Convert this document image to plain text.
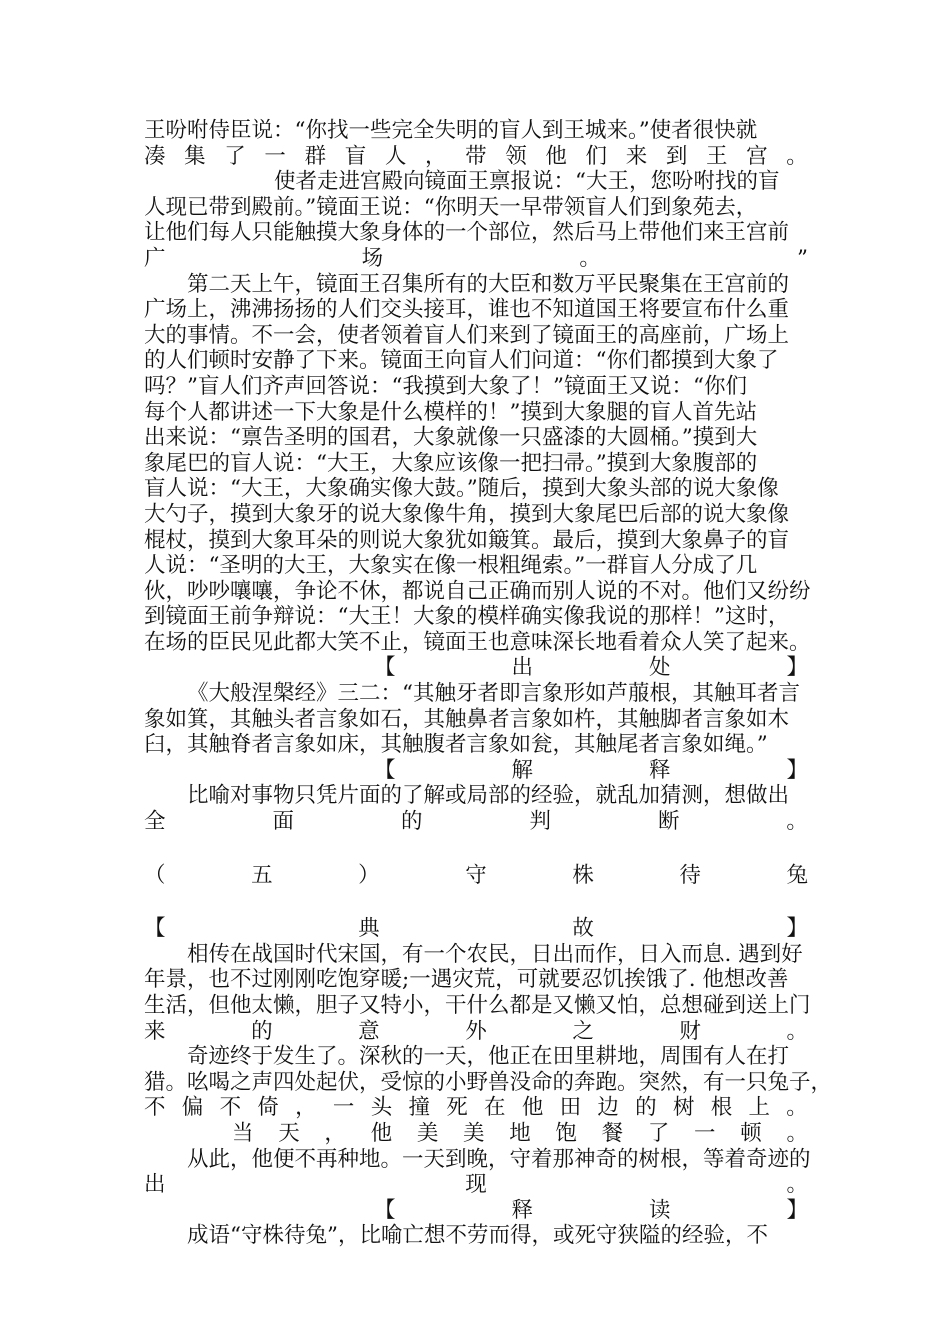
王吩咐侍臣说：“你找一些完全失明的盲人到王城来。”使者很快就
凑 集 了 一 群 盲 人 ， 带 领 他 们 来 到 王 宫 。
使者走进宫殿向镜面王禀报说：“大王，您吩咐找的盲
人现已带到殿前。”镜面王说：“你明天一早带领盲人们到象苑去，
让他们每人只能触摸大象身体的一个部位，然后马上带他们来王宫前
广	场	。	”
第二天上午，镜面王召集所有的大臣和数万平民聚集在王宫前的
广场上，沸沸扬扬的人们交头接耳，谁也不知道国王将要宣布什么重
大的事情。不一会，使者领着盲人们来到了镜面王的高座前，广场上
的人们顿时安静了下来。镜面王向盲人们问道：“你们都摸到大象了
吗？”盲人们齐声回答说：“我摸到大象了！”镜面王又说：“你们
每个人都讲述一下大象是什么模样的！”摸到大象腿的盲人首先站
出来说：“禀告圣明的国君，大象就像一只盛漆的大圆桶。”摸到大
象尾巴的盲人说：“大王，大象应该像一把扫帚。”摸到大象腹部的
盲人说：“大王，大象确实像大鼓。”随后，摸到大象头部的说大象像
大勺子，摸到大象牙的说大象像牛角，摸到大象尾巴后部的说大象像
棍杖，摸到大象耳朵的则说大象犹如簸箕。最后，摸到大象鼻子的盲
人说：“圣明的大王，大象实在像一根粗绳索。”一群盲人分成了几
伙，吵吵嚷嚷，争论不休，都说自己正确而别人说的不对。他们又纷纷
到镜面王前争辩说：“大王！大象的模样确实像我说的那样！”这时，
在场的臣民见此都大笑不止，镜面王也意味深长地看着众人笑了起来。
【	出	处	】
《大般涅槃经》三二：“其触牙者即言象形如芦菔根，其触耳者言
象如箕，其触头者言象如石，其触鼻者言象如杵，其触脚者言象如木
臼，其触脊者言象如床，其触腹者言象如瓮，其触尾者言象如绳。”
【	解	释	】
比喻对事物只凭片面的了解或局部的经验，就乱加猜测，想做出
全	面	的	判	断	。
（	五	）	守	株	待	兔
【	典	故	】
相传在战国时代宋国，有一个农民，日出而作，日入而息. 遇到好
年景，也不过刚刚吃饱穿暖;一遇灾荒，可就要忍饥挨饿了. 他想改善
生活，但他太懒，胆子又特小，干什么都是又懒又怕，总想碰到送上门
来	的	意	外	之	财	。
奇迹终于发生了。深秋的一天，他正在田里耕地，周围有人在打
猎。吆喝之声四处起伏，受惊的小野兽没命的奔跑。突然，有一只兔子，
不 偏 不 倚 ， 一 头 撞 死 在 他 田 边 的 树 根 上 。
当 天 ， 他 美 美 地 饱 餐 了 一 顿 。
从此，他便不再种地。一天到晚，守着那神奇的树根，等着奇迹的
出	现	。
【	释	读	】
成语“守株待兔”，比喻亡想不劳而得，或死守狭隘的经验，不
